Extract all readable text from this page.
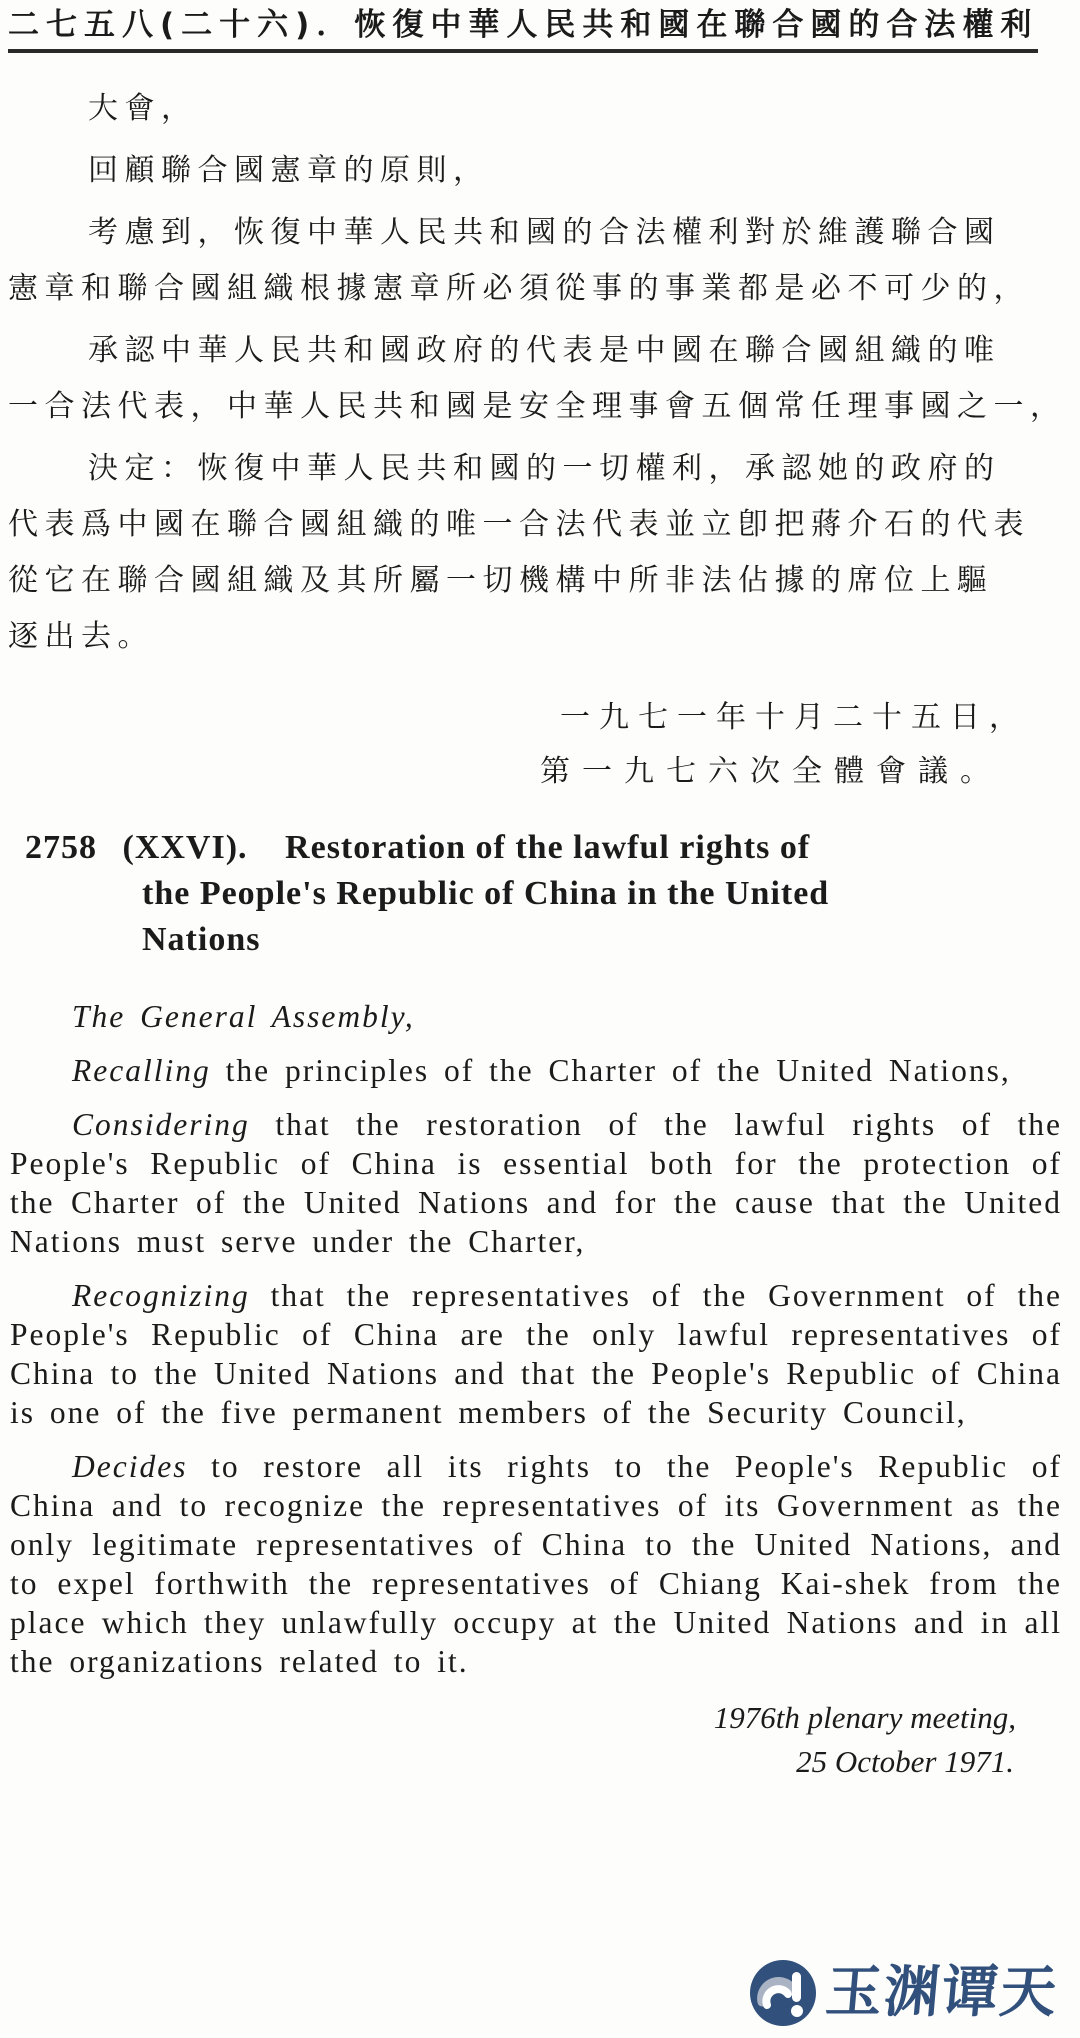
二七五八(二十六)．恢復中華人民共和國在聯合國的合法權利
大會，
回顧聯合國憲章的原則，
考慮到，恢復中華人民共和國的合法權利對於維護聯合國
憲章和聯合國組織根據憲章所必須從事的事業都是必不可少的，
承認中華人民共和國政府的代表是中國在聯合國組織的唯
一合法代表，中華人民共和國是安全理事會五個常任理事國之一，
決定：恢復中華人民共和國的一切權利，承認她的政府的
代表爲中國在聯合國組織的唯一合法代表並立卽把蔣介石的代表
從它在聯合國組織及其所屬一切機構中所非法佔據的席位上驅
逐出去。
一九七一年十月二十五日，
第一九七六次全體會議。
2758 (XXVI). Restoration of the lawful rights of
the People's Republic of China in the United
Nations

The General Assembly,

Recalling the principles of the Charter of the United Nations,

Considering that the restoration of the lawful rights of the People's Republic of China is essential both for the protection of the Charter of the United Nations and for the cause that the United Nations must serve under the Charter,

Recognizing that the representatives of the Government of the People's Republic of China are the only lawful representatives of China to the United Nations and that the People's Republic of China is one of the five permanent members of the Security Council,

Decides to restore all its rights to the People's Republic of China and to recognize the representatives of its Government as the only legitimate representatives of China to the United Nations, and to expel forthwith the representatives of Chiang Kai-shek from the place which they unlawfully occupy at the United Nations and in all the organizations related to it.

1976th plenary meeting,
25 October 1971.
玉渊谭天
